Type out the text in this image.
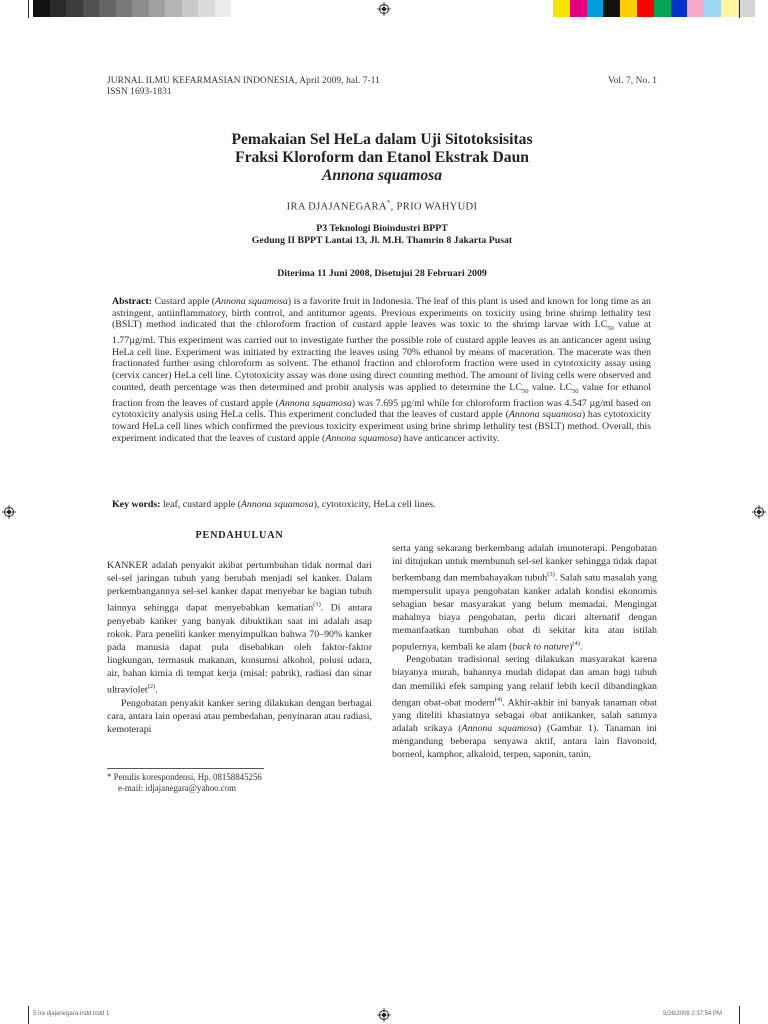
JURNAL ILMU KEFARMASIAN INDONESIA, April 2009, hal. 7-11
ISSN 1693-1831
Vol. 7, No. 1
Pemakaian Sel HeLa dalam Uji Sitotoksisitas
Fraksi Kloroform dan Etanol Ekstrak Daun
Annona squamosa
IRA DJAJANEGARA*, PRIO WAHYUDI
P3 Teknologi Bioindustri BPPT
Gedung II BPPT Lantai 13, Jl. M.H. Thamrin 8 Jakarta Pusat
Diterima 11 Juni 2008, Disetujui 28 Februari 2009
Abstract: Custard apple (Annona squamosa) is a favorite fruit in Indonesia. The leaf of this plant is used and known for long time as an astringent, antiinflammatory, birth control, and antitumor agents. Previous experiments on toxicity using brine shrimp lethality test (BSLT) method indicated that the chloroform fraction of custard apple leaves was toxic to the shrimp larvae with $LC_{50}$ value at 1.77µg/ml. This experiment was carried out to investigate further the possible role of custard apple leaves as an anticancer agent using HeLa cell line. Experiment was initiated by extracting the leaves using 70% ethanol by means of maceration. The macerate was then fractionated further using chloroform as solvent. The ethanol fraction and chloroform fraction were used in cytotoxicity assay using (cervix cancer) HeLa cell line. Cytotoxicity assay was done using direct counting method. The amount of living cells were observed and counted, death percentage was then determined and probit analysis was applied to determine the $LC_{50}$ value. $LC_{50}$ value for ethanol fraction from the leaves of custard apple (Annona squamosa) was 7.695 µg/ml while for chloroform fraction was 4.547 µg/ml based on cytotoxicity analysis using HeLa cells. This experiment concluded that the leaves of custard apple (Annona squamosa) has cytotoxicity toward HeLa cell lines which confirmed the previous toxicity experiment using brine shrimp lethality test (BSLT) method. Overall, this experiment indicated that the leaves of custard apple (Annona squamosa) have anticancer activity.
Key words: leaf, custard apple (Annona squamosa), cytotoxicity, HeLa cell lines.

PENDAHULUAN

KANKER adalah penyakit akibat pertumbuhan tidak normal dari sel-sel jaringan tubuh yang berubah menjadi sel kanker. Dalam perkembangannya sel-sel kanker dapat menyebar ke bagian tubuh lainnya sehingga dapat menyebabkan kematian$^{(1)}$. Di antara penyebab kanker yang banyak dibuktikan saat ini adalah asap rokok. Para peneliti kanker menyimpulkan bahwa 70–90% kanker pada manusia dapat pula disebabkan oleh faktor-faktor lingkungan, termasuk makanan, konsumsi alkohol, polusi udara, air, bahan kimia di tempat kerja (misal: pabrik), radiasi dan sinar ultraviolet$^{(2)}$.

Pengobatan penyakit kanker sering dilakukan dengan berbagai cara, antara lain operasi atau pembedahan, penyinaran atau radiasi, kemoterapi

* Penulis korespondensi, Hp. 08158845256
e-mail: idjajanegara@yahoo.com

serta yang sekarang berkembang adalah imunoterapi. Pengobatan ini ditujukan untuk membunuh sel-sel kanker sehingga tidak dapat berkembang dan membahayakan tubuh$^{(3)}$. Salah satu masalah yang mempersulit upaya pengobatan kanker adalah kondisi ekonomis sebagian besar masyarakat yang belum memadai. Mengingat mahalnya biaya pengobatan, perlu dicari alternatif dengan memanfaatkan tumbuhan obat di sekitar kita atau istilah populernya, kembali ke alam (back to nature)$^{(4)}$.

Pengobatan tradisional sering dilakukan masyarakat karena biayanya murah, bahannya mudah didapat dan aman bagi tubuh dan memiliki efek samping yang relatif lebih kecil dibandingkan dengan obat-obat modern$^{(4)}$. Akhir-akhir ini banyak tanaman obat yang diteliti khasiatnya sebagai obat antikanker, salah satunya adalah srikaya (Annona squamosa) (Gambar 1). Tanaman ini mengandung beberapa senyawa aktif, antara lain flavonoid, borneol, kamphor, alkaloid, terpen, saponin, tanin,

5.Ira djajanegara-indd.indd 1	5/26/2009 2:37:54 PM
